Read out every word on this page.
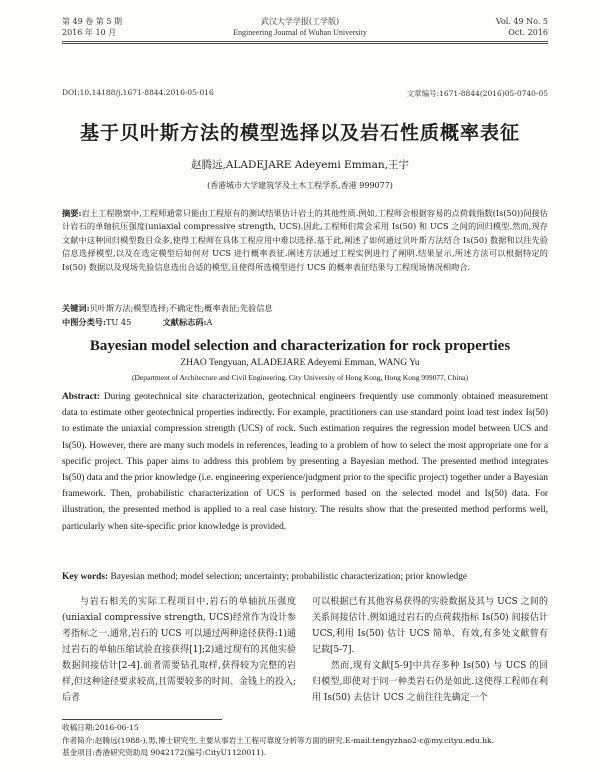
第 49 卷 第 5 期
2016 年 10 月
武汉大学学报(工学版)
Engineering Journal of Wuhan University
Vol. 49 No. 5
Oct. 2016
DOI:10.14188/j.1671-8844.2016-05-016	文章编号:1671-8844(2016)05-0740-05
基于贝叶斯方法的模型选择以及岩石性质概率表征
赵腾远,ALADEJARE Adeyemi Emman,王宇
(香港城市大学建筑学及土木工程学系,香港 999077)
摘要:岩土工程勘察中,工程师通常只能由工程原有的测试结果估计岩土的其他性质.例如,工程师会根据容易的点荷载指数(Is(50))间接估计岩石的单轴抗压强度(uniaxial compressive strength, UCS).因此,工程师们常会采用 Is(50) 和 UCS 之间的回归模型.然而,现存文献中这种回归模型数目众多,使得工程师在具体工程应用中难以选择.基于此,阐述了如何通过贝叶斯方法结合 Is(50) 数据和以往先验信息选择模型,以及在选定模型后如何对 UCS 进行概率表征.阐述方法通过工程实例进行了阐明.结果显示,所述方法可以根据特定的 Is(50) 数据以及现场先验信息选出合适的模型,且使得所选模型进行 UCS 的概率表征结果与工程现场情况相吻合.
关键词:贝叶斯方法;模型选择;不确定性;概率表征;先验信息
中图分类号:TU 45	文献标志码:A
Bayesian model selection and characterization for rock properties
ZHAO Tengyuan, ALADEJARE Adeyemi Emman, WANG Yu
(Department of Architecture and Civil Engineering, City University of Hong Kong, Hong Kong 999077, China)
Abstract: During geotechnical site characterization, geotechnical engineers frequently use commonly obtained measurement data to estimate other geotechnical properties indirectly. For example, practitioners can use standard point load test index Is(50) to estimate the uniaxial compression strength (UCS) of rock. Such estimation requires the regression model between UCS and Is(50). However, there are many such models in references, leading to a problem of how to select the most appropriate one for a specific project. This paper aims to address this problem by presenting a Bayesian method. The presented method integrates Is(50) data and the prior knowledge (i.e. engineering experience/judgment prior to the specific project) together under a Bayesian framework. Then, probabilistic characterization of UCS is performed based on the selected model and Is(50) data. For illustration, the presented method is applied to a real case history. The results show that the presented method performs well, particularly when site-specific prior knowledge is provided.
Key words: Bayesian method; model selection; uncertainty; probabilistic characterization; prior knowledge
与岩石相关的实际工程项目中,岩石的单轴抗压强度(uniaxial compressive strength, UCS)经常作为设计参考指标之一.通常,岩石的 UCS 可以通过两种途径获得:1)通过岩石的单轴压缩试验直接获得[1];2)通过现有的其他实验数据间接估计[2-4].前者需要钻孔取样,获得较为完整的岩样,但这种途径要求较高,且需要较多的时间、金钱上的投入;后者
可以根据已有其他容易获得的实验数据及其与 UCS 之间的关系间接估计.例如通过岩石的点荷载指标 Is(50) 间接估计 UCS,利用 Is(50) 估计 UCS 简单、有效,有多处文献曾有记载[5-7].
　　然而,现有文献[5-9]中共存多种 Is(50) 与 UCS 的回归模型,即使对于同一种类岩石仍是如此.这使得工程师在利用 Is(50) 去估计 UCS 之前往往先确定一个
收稿日期:2016-06-15
作者简介:赵腾远(1988-),男,博士研究生,主要从事岩土工程可靠度分析等方面的研究.E-mail:tengyzhao2-c@my.cityu.edu.hk.
基金项目:香港研究资助局 9042172(编号:CityU1120011).
